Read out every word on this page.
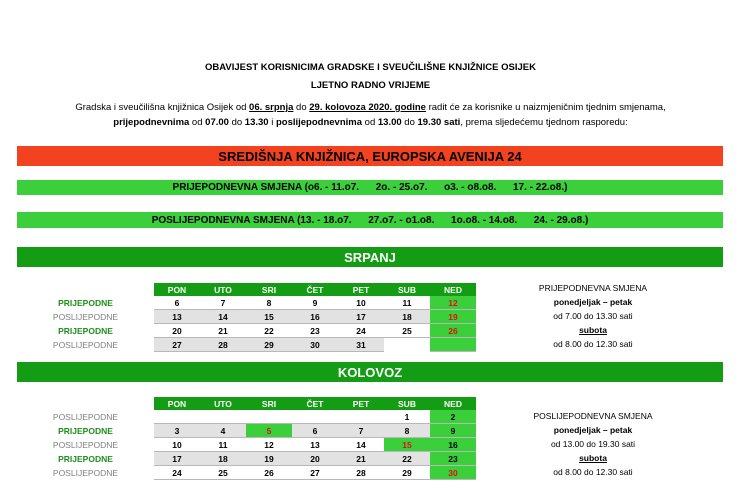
OBAVIJEST KORISNICIMA GRADSKE I SVEUČILIŠNE KNJIŽNICE OSIJEK
LJETNO RADNO VRIJEME
Gradska i sveučilišna knjižnica Osijek od 06. srpnja do 29. kolovoza 2020. godine radit će za korisnike u naizmjeničnim tjednim smjenama,
prijepodnevnima od 07.00 do 13.30 i poslijepodnevnima od 13.00 do 19.30 sati, prema sljedećemu tjednom rasporedu:
SREDIŠNJA KNJIŽNICA, EUROPSKA AVENIJA 24
PRIJEPODNEVNA SMJENA (o6. - 11.o7.      2o. - 25.o7.      o3. - o8.o8.      17. - 22.o8.)
POSLIJEPODNEVNA SMJENA (13. - 18.o7.      27.o7. - o1.o8.      1o.o8. - 14.o8.      24. - 29.o8.)
SRPANJ
	PON	UTO	SRI	ČET	PET	SUB	NED
PRIJEPODNE	6	7	8	9	10	11	12
POSLIJEPODNE	13	14	15	16	17	18	19
PRIJEPODNE	20	21	22	23	24	25	26
POSLIJEPODNE	27	28	29	30	31		
PRIJEPODNEVNA SMJENA
ponedjeljak – petak
od 7.00 do 13.30 sati
subota
od 8.00 do 12.30 sati
KOLOVOZ
	PON	UTO	SRI	ČET	PET	SUB	NED
POSLIJEPODNE						1	2
PRIJEPODNE	3	4	5	6	7	8	9
POSLIJEPODNE	10	11	12	13	14	15	16
PRIJEPODNE	17	18	19	20	21	22	23
POSLIJEPODNE	24	25	26	27	28	29	30
POSLIJEPODNEVNA SMJENA
ponedjeljak – petak
od 13.00 do 19.30 sati
subota
od 8.00 do 12.30 sati
